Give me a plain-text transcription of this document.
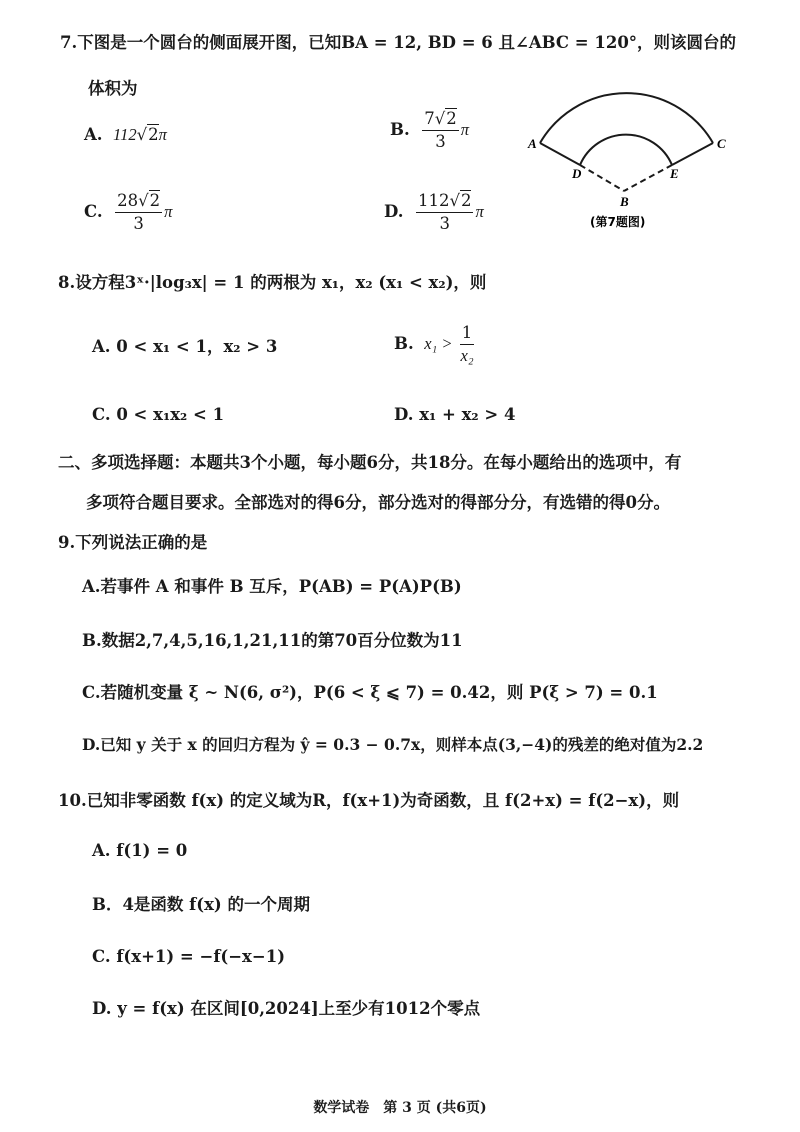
7.下图是一个圆台的侧面展开图，已知BA = 12, BD = 6 且∠ABC = 120°，则该圆台的
体积为
A. 112√2π	B. $\frac{7√2}{3}$ π
C. $\frac{28√2}{3}$ π	D. $\frac{112√2}{3}$ π
A	C
D	E
B
(第7题图)
8.设方程3ˣ·|log₃x| = 1 的两根为 x₁，x₂ (x₁ < x₂)，则
A. 0 < x₁ < 1，x₂ > 3	B. $x_1 > \frac{1}{\text{x₂}}$
C. 0 < x₁x₂ < 1	D. x₁ + x₂ > 4
二、多项选择题：本题共3个小题，每小题6分，共18分。在每小题给出的选项中，有
多项符合题目要求。全部选对的得6分，部分选对的得部分分，有选错的得0分。
9.下列说法正确的是
A.若事件 A 和事件 B 互斥，P(AB) = P(A)P(B)
B.数据2,7,4,5,16,1,21,11的第70百分位数为11
C.若随机变量 ξ ~ N(6, σ²)，P(6 < ξ ⩽ 7) = 0.42，则 P(ξ > 7) = 0.1
D.已知 y 关于 x 的回归方程为 ŷ = 0.3 − 0.7x，则样本点(3,−4)的残差的绝对值为2.2
10.已知非零函数 f(x) 的定义域为R，f(x+1)为奇函数，且 f(2+x) = f(2−x)，则
A. f(1) = 0
B．4是函数 f(x) 的一个周期
C. f(x+1) = −f(−x−1)
D. y = f(x) 在区间[0,2024]上至少有1012个零点
数学试卷　第 3 页 (共6页)
